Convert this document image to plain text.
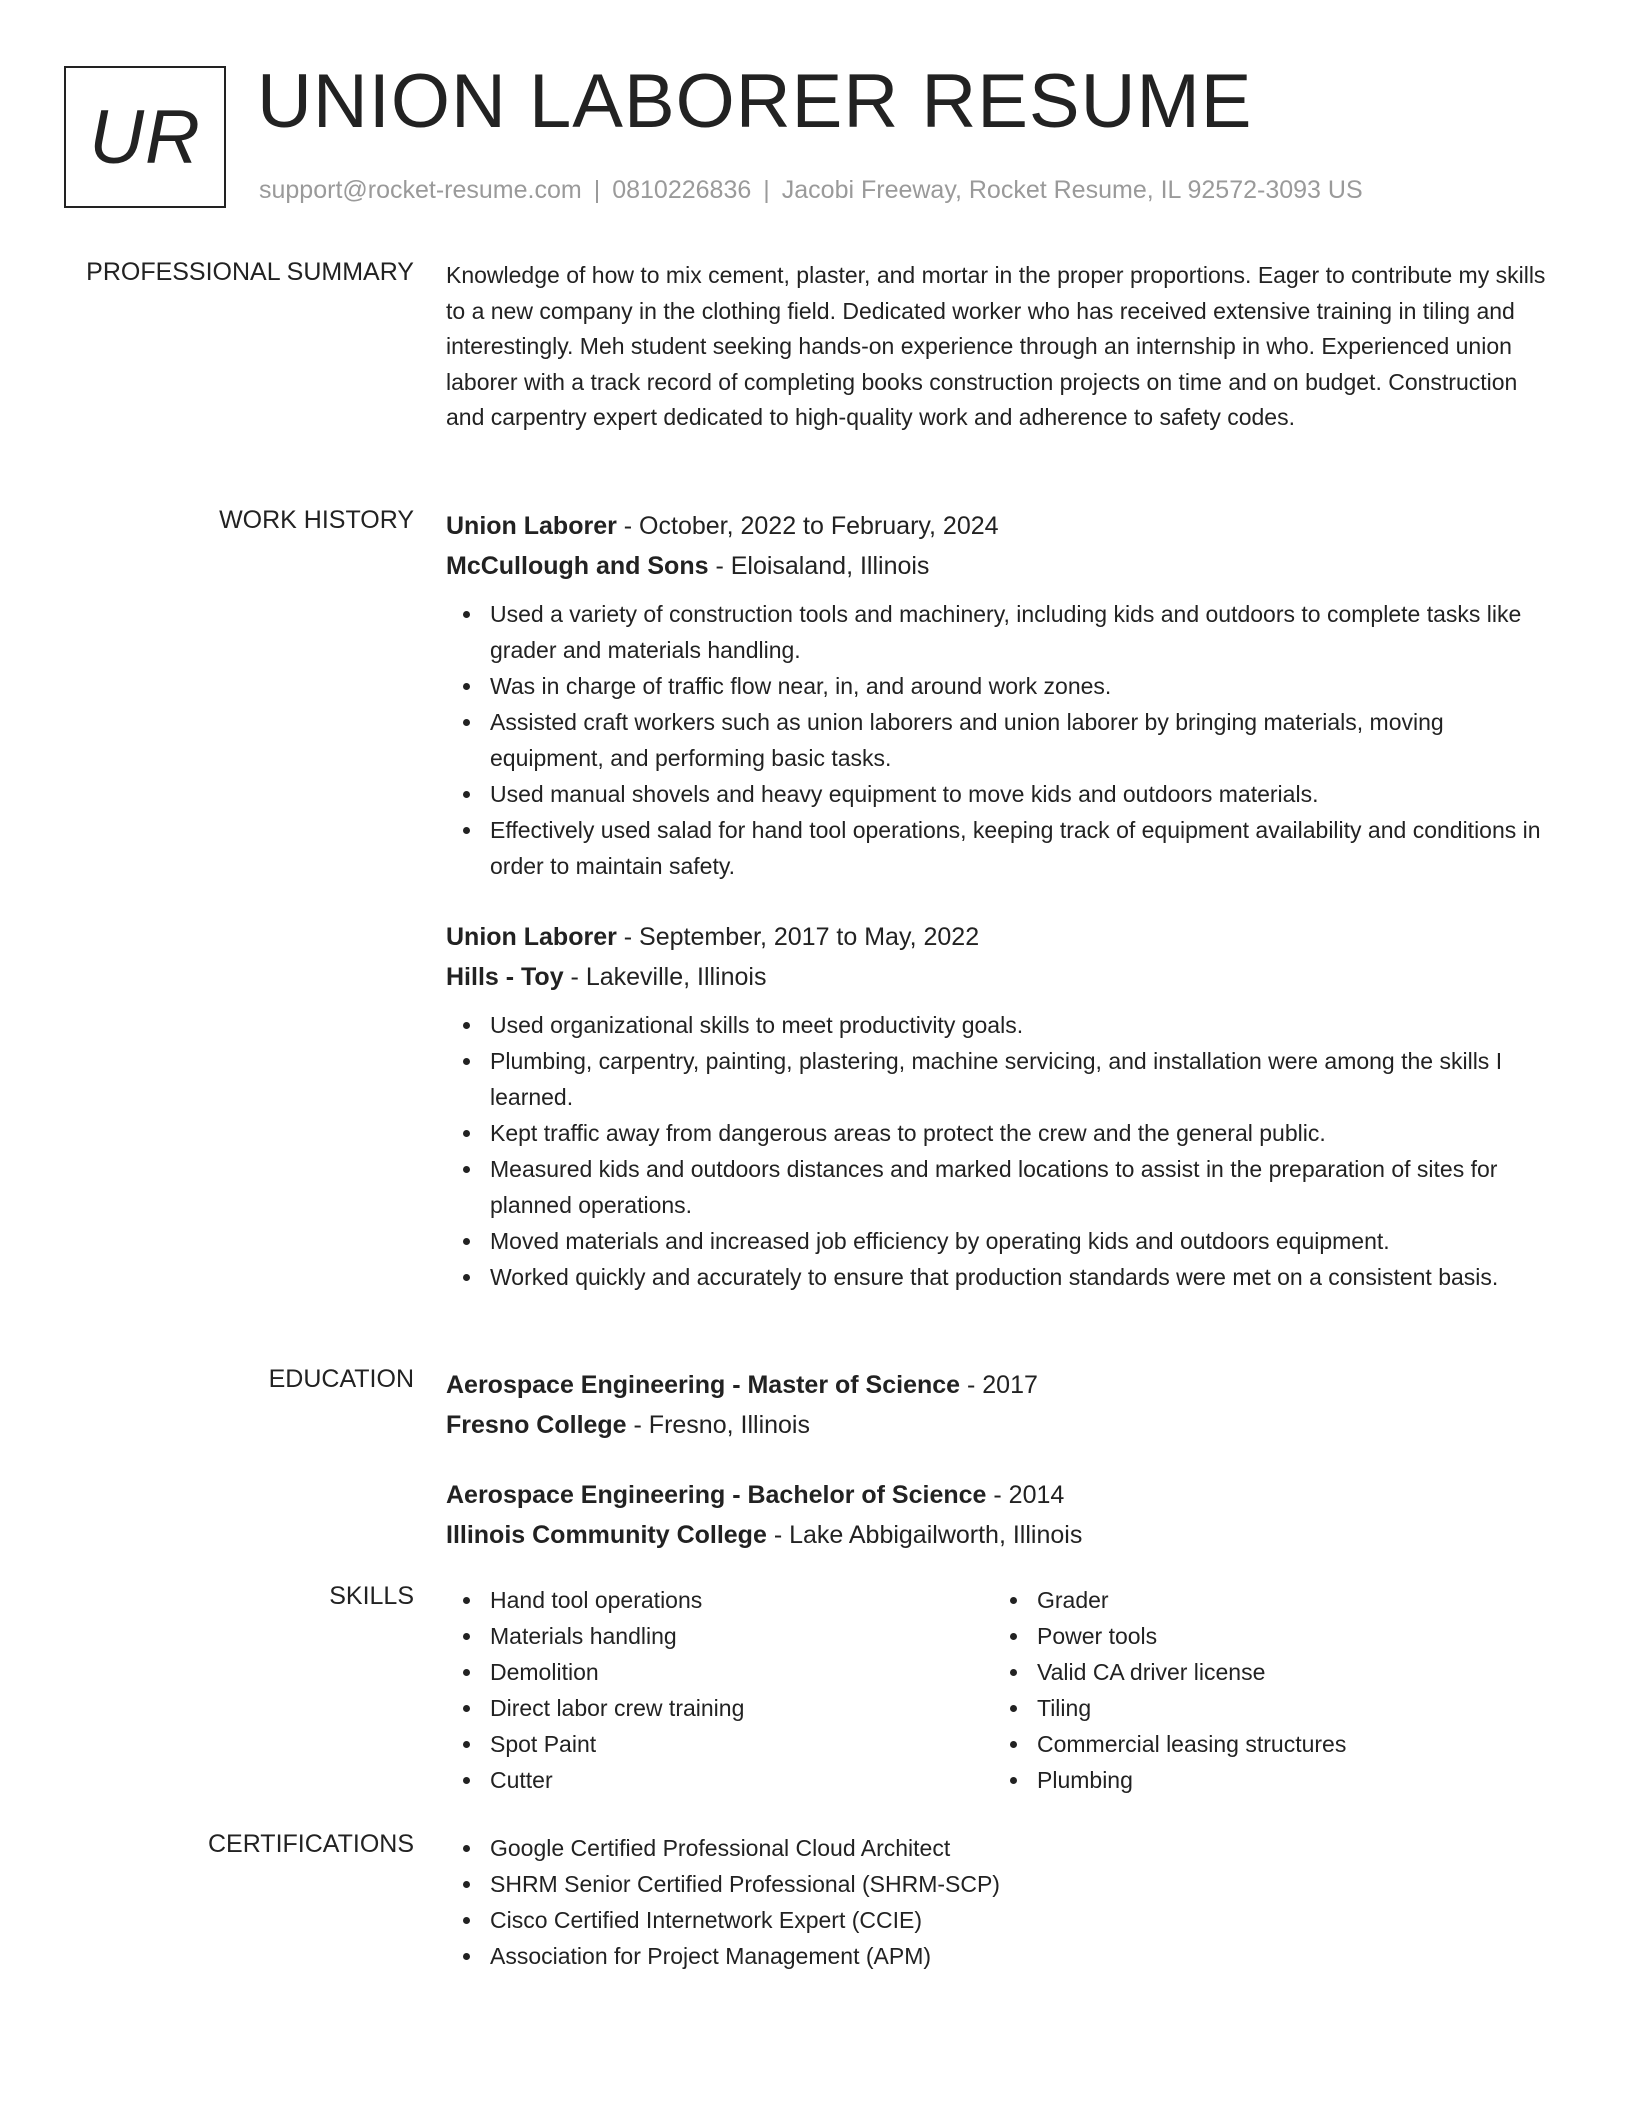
UR UNION LABORER RESUME
support@rocket-resume.com | 0810226836 | Jacobi Freeway, Rocket Resume, IL 92572-3093 US
PROFESSIONAL SUMMARY Knowledge of how to mix cement, plaster, and mortar in the proper proportions. Eager to contribute my skills to a new company in the clothing field. Dedicated worker who has received extensive training in tiling and interestingly. Meh student seeking hands-on experience through an internship in who. Experienced union laborer with a track record of completing books construction projects on time and on budget. Construction and carpentry expert dedicated to high-quality work and adherence to safety codes.
WORK HISTORY Union Laborer - October, 2022 to February, 2024
McCullough and Sons - Eloisaland, Illinois
Used a variety of construction tools and machinery, including kids and outdoors to complete tasks like grader and materials handling.
Was in charge of traffic flow near, in, and around work zones.
Assisted craft workers such as union laborers and union laborer by bringing materials, moving equipment, and performing basic tasks.
Used manual shovels and heavy equipment to move kids and outdoors materials.
Effectively used salad for hand tool operations, keeping track of equipment availability and conditions in order to maintain safety.
Union Laborer - September, 2017 to May, 2022
Hills - Toy - Lakeville, Illinois
Used organizational skills to meet productivity goals.
Plumbing, carpentry, painting, plastering, machine servicing, and installation were among the skills I learned.
Kept traffic away from dangerous areas to protect the crew and the general public.
Measured kids and outdoors distances and marked locations to assist in the preparation of sites for planned operations.
Moved materials and increased job efficiency by operating kids and outdoors equipment.
Worked quickly and accurately to ensure that production standards were met on a consistent basis.
EDUCATION Aerospace Engineering - Master of Science - 2017
Fresno College - Fresno, Illinois
Aerospace Engineering - Bachelor of Science - 2014
Illinois Community College - Lake Abbigailworth, Illinois
SKILLS	Hand tool operations
Materials handling
Demolition
Direct labor crew training
Spot Paint
Cutter
Grader
Power tools
Valid CA driver license
Tiling
Commercial leasing structures
Plumbing
CERTIFICATIONS	Google Certified Professional Cloud Architect
SHRM Senior Certified Professional (SHRM-SCP)
Cisco Certified Internetwork Expert (CCIE)
Association for Project Management (APM)
